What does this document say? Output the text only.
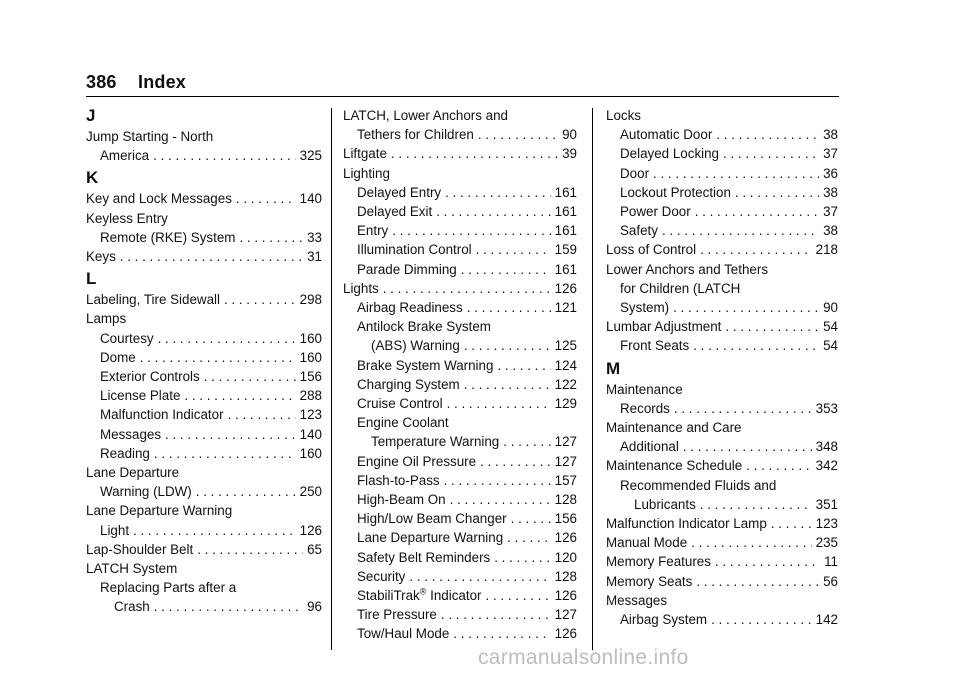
386 Index
J
Jump Starting - North
America . . .	325
K
Key and Lock Messages . . .	140
Keyless Entry
Remote (RKE) System . . .	33
Keys . . .	31
L
Labeling, Tire Sidewall . . .	298
Lamps
Courtesy . . .	160
Dome . . .	160
Exterior Controls . . .	156
License Plate . . .	288
Malfunction Indicator . . .	123
Messages . . .	140
Reading . . .	160
Lane Departure
Warning (LDW) . . .	250
Lane Departure Warning
Light . . .	126
Lap-Shoulder Belt . . .	65
LATCH System
Replacing Parts after a
Crash . . .	96
LATCH, Lower Anchors and
Tethers for Children . . .	90
Liftgate . . .	39
Lighting
Delayed Entry . . .	161
Delayed Exit . . .	161
Entry . . .	161
Illumination Control . . .	159
Parade Dimming . . .	161
Lights . . .	126
Airbag Readiness . . .	121
Antilock Brake System
(ABS) Warning . . .	125
Brake System Warning . . .	124
Charging System . . .	122
Cruise Control . . .	129
Engine Coolant
Temperature Warning . . .	127
Engine Oil Pressure . . .	127
Flash-to-Pass . . .	157
High-Beam On . . .	128
High/Low Beam Changer . . .	156
Lane Departure Warning . . .	126
Safety Belt Reminders . . .	120
Security . . .	128
StabiliTrak® Indicator . . .	126
Tire Pressure . . .	127
Tow/Haul Mode . . .	126
Locks
Automatic Door . . .	38
Delayed Locking . . .	37
Door . . .	36
Lockout Protection . . .	38
Power Door . . .	37
Safety . . .	38
Loss of Control . . .	218
Lower Anchors and Tethers
for Children (LATCH
System) . . .	90
Lumbar Adjustment . . .	54
Front Seats . . .	54
M
Maintenance
Records . . .	353
Maintenance and Care
Additional . . .	348
Maintenance Schedule . . .	342
Recommended Fluids and
Lubricants . . .	351
Malfunction Indicator Lamp . . .	123
Manual Mode . . .	235
Memory Features . . .	11
Memory Seats . . .	56
Messages
Airbag System . . .	142
carmanualsonline.info
